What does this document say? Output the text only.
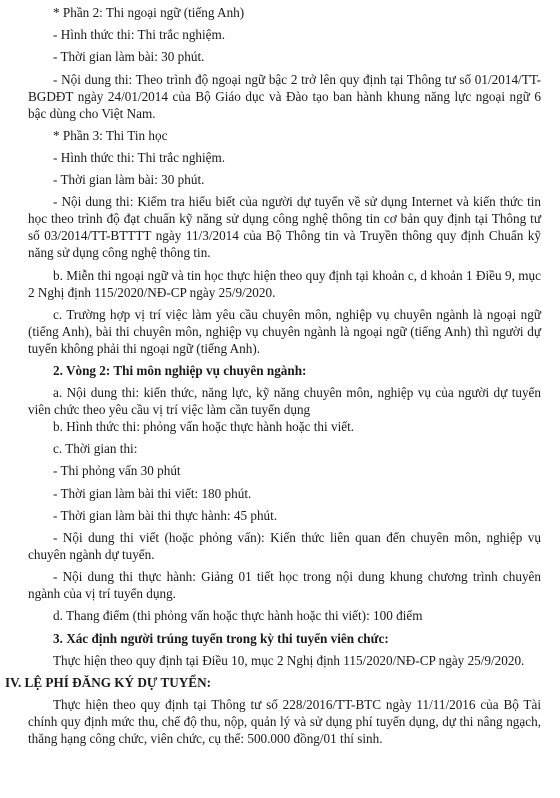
* Phần 2: Thi ngoại ngữ (tiếng Anh)

- Hình thức thi: Thi trắc nghiệm.

- Thời gian làm bài: 30 phút.

- Nội dung thi: Theo trình độ ngoại ngữ bậc 2 trở lên quy định tại Thông tư số 01/2014/TT-BGDĐT ngày 24/01/2014 của Bộ Giáo dục và Đào tạo ban hành khung năng lực ngoại ngữ 6 bậc dùng cho Việt Nam.

* Phần 3: Thi Tin học

- Hình thức thi: Thi trắc nghiệm.

- Thời gian làm bài: 30 phút.

- Nội dung thi: Kiểm tra hiểu biết của người dự tuyển về sử dụng Internet và kiến thức tin học theo trình độ đạt chuẩn kỹ năng sử dụng công nghệ thông tin cơ bản quy định tại Thông tư số 03/2014/TT-BTTTT ngày 11/3/2014 của Bộ Thông tin và Truyền thông quy định Chuẩn kỹ năng sử dụng công nghệ thông tin.

b. Miễn thi ngoại ngữ và tin học thực hiện theo quy định tại khoản c, d khoản 1 Điều 9, mục 2 Nghị định 115/2020/NĐ-CP ngày 25/9/2020.

c. Trường hợp vị trí việc làm yêu cầu chuyên môn, nghiệp vụ chuyên ngành là ngoại ngữ (tiếng Anh), bài thi chuyên môn, nghiệp vụ chuyên ngành là ngoại ngữ (tiếng Anh) thì người dự tuyển không phải thi ngoại ngữ (tiếng Anh).

2. Vòng 2: Thi môn nghiệp vụ chuyên ngành:

a. Nội dung thi: kiến thức, năng lực, kỹ năng chuyên môn, nghiệp vụ của người dự tuyển viên chức theo yêu cầu vị trí việc làm cần tuyển dụng

b. Hình thức thi: phỏng vấn hoặc thực hành hoặc thi viết.

c. Thời gian thi:

- Thi phỏng vấn 30 phút

- Thời gian làm bài thi viết: 180 phút.

- Thời gian làm bài thi thực hành: 45 phút.

- Nội dung thi viết (hoặc phỏng vấn): Kiến thức liên quan đến chuyên môn, nghiệp vụ chuyên ngành dự tuyển.

- Nội dung thi thực hành: Giảng 01 tiết học trong nội dung khung chương trình chuyên ngành của vị trí tuyển dụng.

d. Thang điểm (thi phỏng vấn hoặc thực hành hoặc thi viết): 100 điểm

3. Xác định người trúng tuyển trong kỳ thi tuyển viên chức:

Thực hiện theo quy định tại Điều 10, mục 2 Nghị định 115/2020/NĐ-CP ngày 25/9/2020.

IV. LỆ PHÍ ĐĂNG KÝ DỰ TUYỂN:

Thực hiện theo quy định tại Thông tư số 228/2016/TT-BTC ngày 11/11/2016 của Bộ Tài chính quy định mức thu, chế độ thu, nộp, quản lý và sử dụng phí tuyển dụng, dự thi nâng ngạch, thăng hạng công chức, viên chức, cụ thể: 500.000 đồng/01 thí sinh.
